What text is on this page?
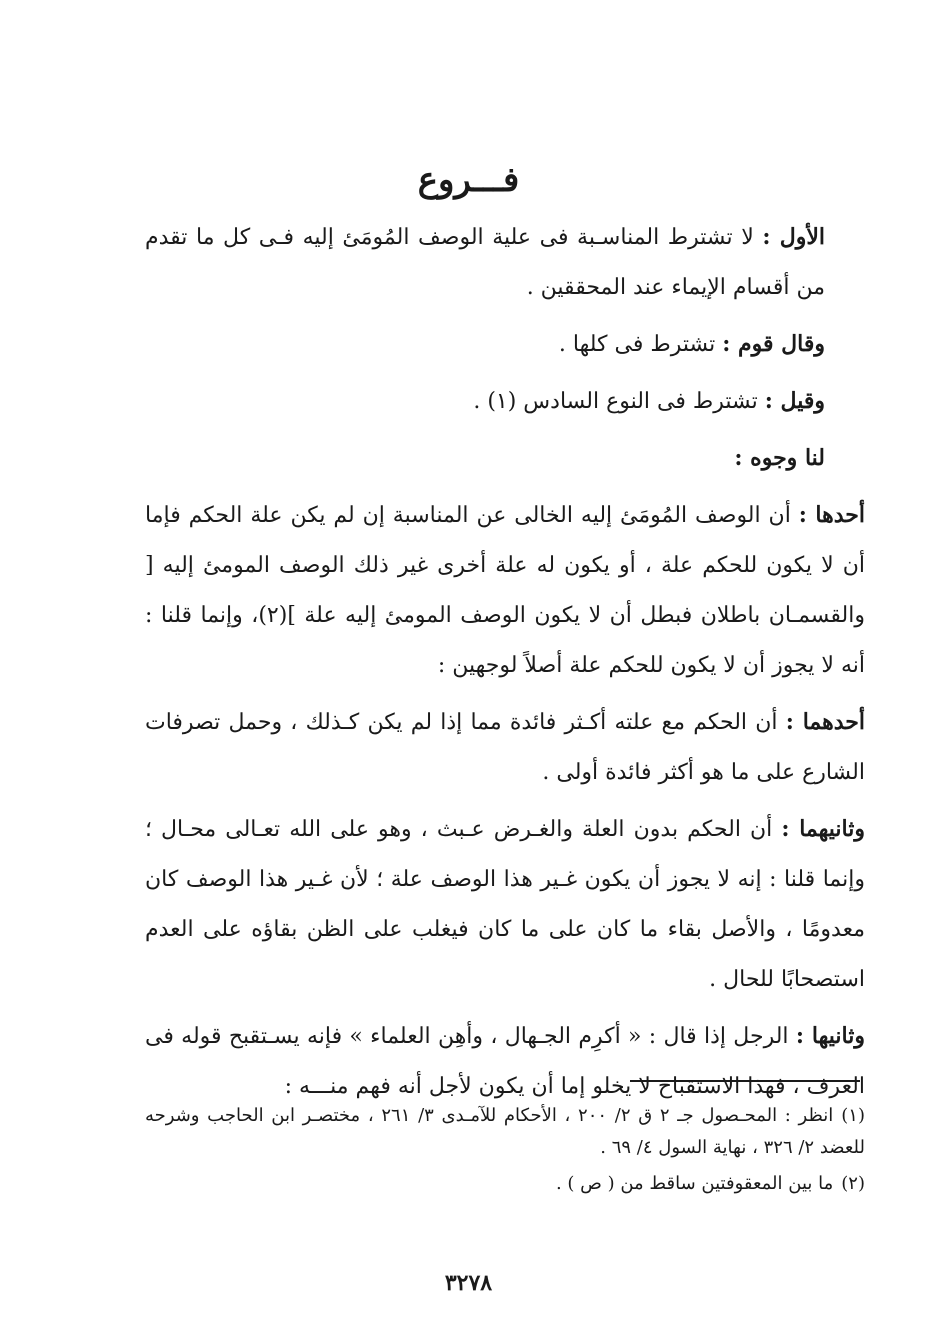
فـــروع

الأول : لا تشترط المناسـبة فى علية الوصف المُومَئ إليه فـى كل ما تقدم من أقسام الإيماء عند المحققين .

وقال قوم : تشترط فى كلها .

وقيل : تشترط فى النوع السادس (١) .

لنا وجوه :

أحدها : أن الوصف المُومَئ إليه الخالى عن المناسبة إن لم يكن علة الحكم فإما أن لا يكون للحكم علة ، أو يكون له علة أخرى غير ذلك الوصف المومئ إليه [ والقسمـان باطلان فبطل أن لا يكون الوصف المومئ إليه علة ](٢)، وإنما قلنا : أنه لا يجوز أن لا يكون للحكم علة أصلاً لوجهين :

أحدهما : أن الحكم مع علته أكـثر فائدة مما إذا لم يكن كـذلك ، وحمل تصرفات الشارع على ما هو أكثر فائدة أولى .

وثانيهما : أن الحكم بدون العلة والغـرض عـبث ، وهو على الله تعـالى محـال ؛ وإنما قلنا : إنه لا يجوز أن يكون غـير هذا الوصف علة ؛ لأن غـير هذا الوصف كان معدومًا ، والأصل بقاء ما كان على ما كان فيغلب على الظن بقاؤه على العدم استصحابًا للحال .

وثانيها : الرجل إذا قال : « أكرِم الجـهال ، وأهِن العلماء » فإنه يسـتقبح قوله فى العرف ، فهذا الاستقباح لا يخلو إما أن يكون لأجل أنه فهم منـــه :

(١)انظر : المحـصول جـ ٢ ق ٢/ ٢٠٠ ، الأحكام للآمـدى ٣/ ٢٦١ ، مختصـر ابن الحاجب وشرحه للعضد ٢/ ٣٢٦ ، نهاية السول ٤/ ٦٩ .

(٢)ما بين المعقوفتين ساقط من ( ص ) .

٣٢٧٨
